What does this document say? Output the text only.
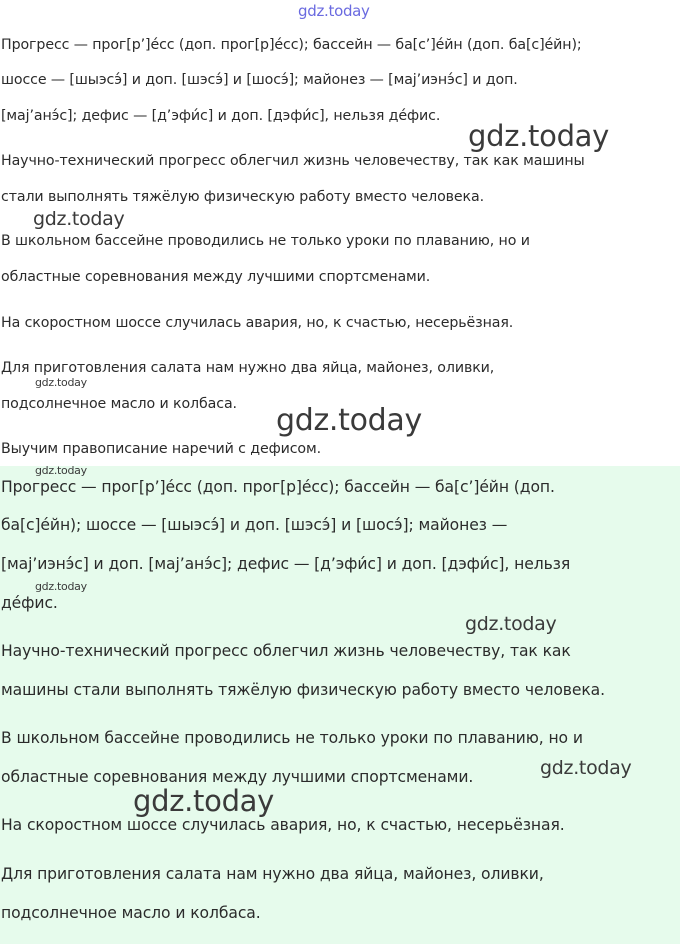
Прогресс — прог[р’]éсс (доп. прог[р]éсс); бассейн — ба[с’]éйн (доп. ба[с]éйн);

шоссе — [шыэсэ́] и доп. [шэсэ́] и [шосэ́]; майонез — [маj’иэнэ́с] и доп.

[маj’анэ́с]; дефис — [д’эфи́с] и доп. [дэфи́с], нельзя де́фис.

Научно-технический прогресс облегчил жизнь человечеству, так как машины

стали выполнять тяжёлую физическую работу вместо человека.

В школьном бассейне проводились не только уроки по плаванию, но и

областные соревнования между лучшими спортсменами.

На скоростном шоссе случилась авария, но, к счастью, несерьёзная.

Для приготовления салата нам нужно два яйца, майонез, оливки,

подсолнечное масло и колбаса.

Выучим правописание наречий с дефисом.

Прогресс — прог[р’]éсс (доп. прог[р]éсс); бассейн — ба[с’]éйн (доп.

ба[с]éйн); шоссе — [шыэсэ́] и доп. [шэсэ́] и [шосэ́]; майонез —

[маj’иэнэ́с] и доп. [маj’анэ́с]; дефис — [д’эфи́с] и доп. [дэфи́с], нельзя

де́фис.

Научно-технический прогресс облегчил жизнь человечеству, так как

машины стали выполнять тяжёлую физическую работу вместо человека.

В школьном бассейне проводились не только уроки по плаванию, но и

областные соревнования между лучшими спортсменами.

На скоростном шоссе случилась авария, но, к счастью, несерьёзная.

Для приготовления салата нам нужно два яйца, майонез, оливки,

подсолнечное масло и колбаса.

gdz.today
gdz.today
gdz.today
gdz.today
gdz.today
gdz.today
gdz.today
gdz.today
gdz.today
gdz.today
